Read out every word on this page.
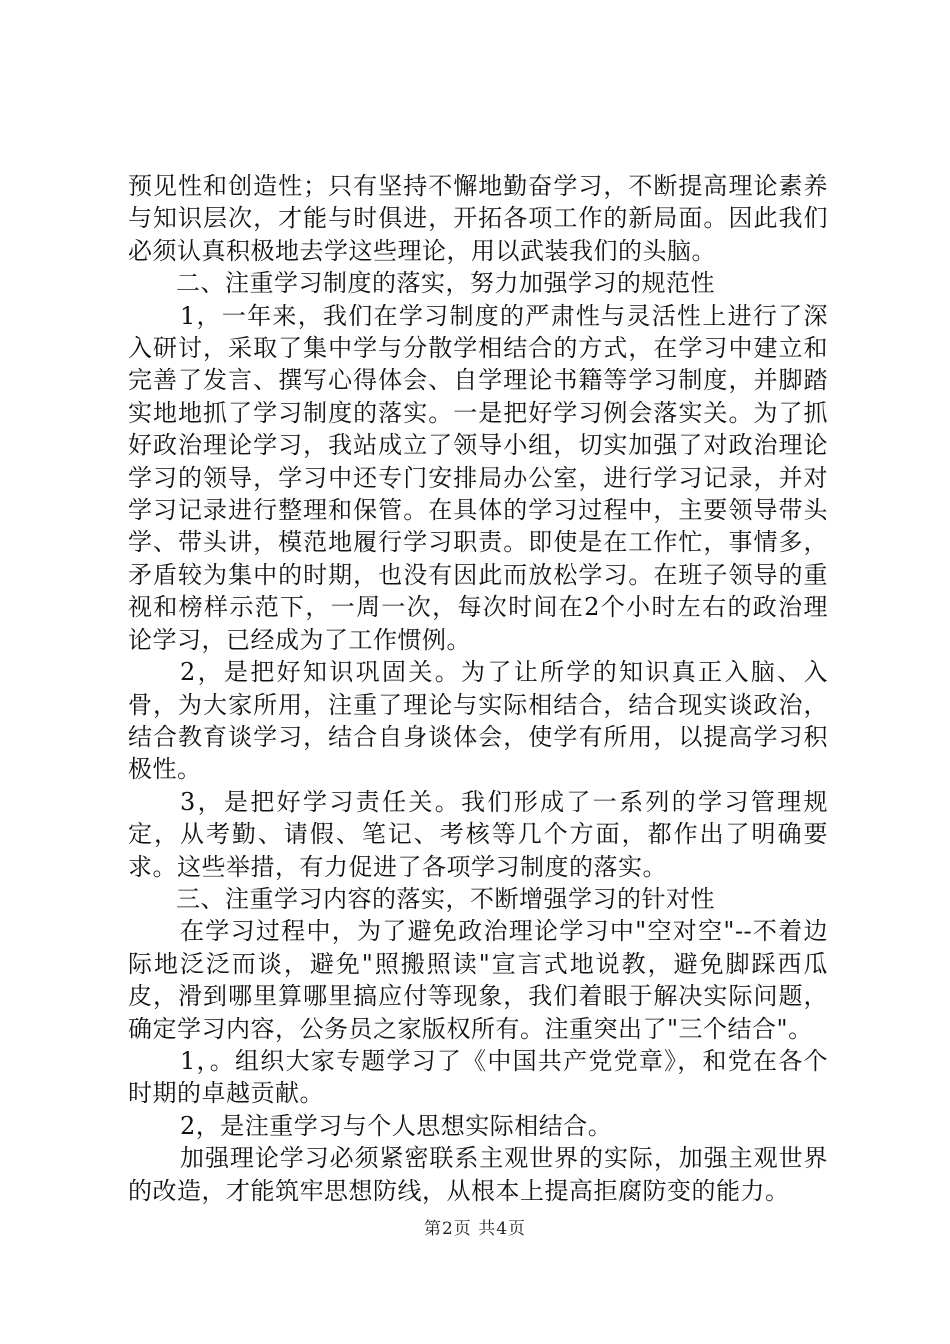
预见性和创造性；只有坚持不懈地勤奋学习，不断提高理论素养与知识层次，才能与时俱进，开拓各项工作的新局面。因此我们必须认真积极地去学这些理论，用以武装我们的头脑。

二、注重学习制度的落实，努力加强学习的规范性

1，一年来，我们在学习制度的严肃性与灵活性上进行了深入研讨，采取了集中学与分散学相结合的方式，在学习中建立和完善了发言、撰写心得体会、自学理论书籍等学习制度，并脚踏实地地抓了学习制度的落实。一是把好学习例会落实关。为了抓好政治理论学习，我站成立了领导小组，切实加强了对政治理论学习的领导，学习中还专门安排局办公室，进行学习记录，并对学习记录进行整理和保管。在具体的学习过程中，主要领导带头学、带头讲，模范地履行学习职责。即使是在工作忙，事情多，矛盾较为集中的时期，也没有因此而放松学习。在班子领导的重视和榜样示范下，一周一次，每次时间在2个小时左右的政治理论学习，已经成为了工作惯例。

2，是把好知识巩固关。为了让所学的知识真正入脑、入骨，为大家所用，注重了理论与实际相结合，结合现实谈政治，结合教育谈学习，结合自身谈体会，使学有所用，以提高学习积极性。

3，是把好学习责任关。我们形成了一系列的学习管理规定，从考勤、请假、笔记、考核等几个方面，都作出了明确要求。这些举措，有力促进了各项学习制度的落实。

三、注重学习内容的落实，不断增强学习的针对性

在学习过程中，为了避免政治理论学习中"空对空"--不着边际地泛泛而谈，避免"照搬照读"宣言式地说教，避免脚踩西瓜皮，滑到哪里算哪里搞应付等现象，我们着眼于解决实际问题，确定学习内容，公务员之家版权所有。注重突出了"三个结合"。

1，。组织大家专题学习了《中国共产党党章》，和党在各个时期的卓越贡献。

2，是注重学习与个人思想实际相结合。

加强理论学习必须紧密联系主观世界的实际，加强主观世界的改造，才能筑牢思想防线，从根本上提高拒腐防变的能力。

第2页 共4页
